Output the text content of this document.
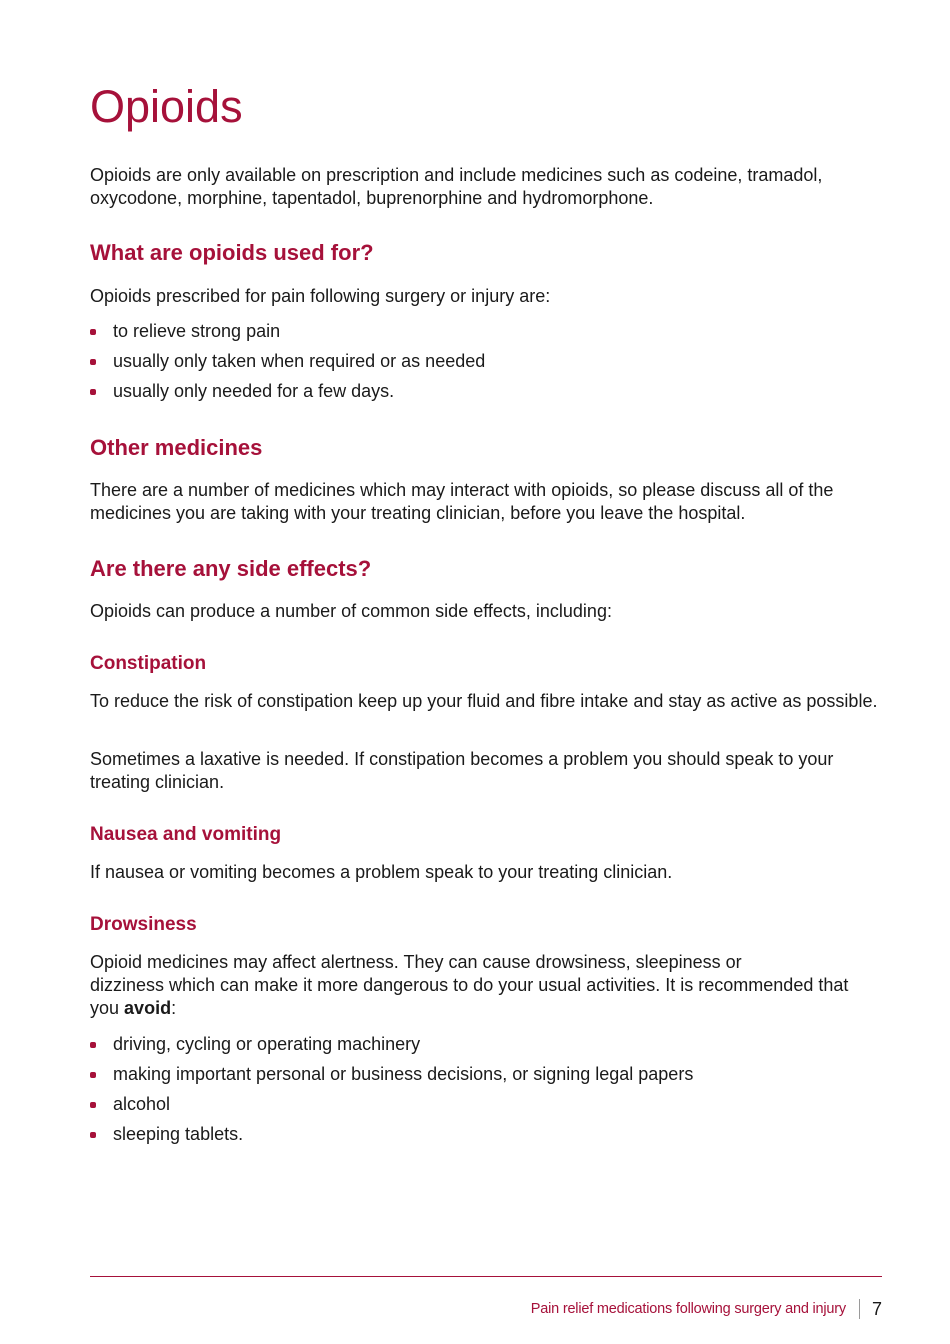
Opioids

Opioids are only available on prescription and include medicines such as codeine, tramadol, oxycodone, morphine, tapentadol, buprenorphine and hydromorphone.

What are opioids used for?

Opioids prescribed for pain following surgery or injury are:

to relieve strong pain
usually only taken when required or as needed
usually only needed for a few days.
Other medicines

There are a number of medicines which may interact with opioids, so please discuss all of the medicines you are taking with your treating clinician, before you leave the hospital.

Are there any side effects?

Opioids can produce a number of common side effects, including:

Constipation

To reduce the risk of constipation keep up your fluid and fibre intake and stay as active as possible.

Sometimes a laxative is needed. If constipation becomes a problem you should speak to your treating clinician.

Nausea and vomiting

If nausea or vomiting becomes a problem speak to your treating clinician.

Drowsiness

Opioid medicines may affect alertness. They can cause drowsiness, sleepiness or
dizziness which can make it more dangerous to do your usual activities. It is recommended that you avoid:

driving, cycling or operating machinery
making important personal or business decisions, or signing legal papers
alcohol
sleeping tablets.
Pain relief medications following surgery and injury 7
